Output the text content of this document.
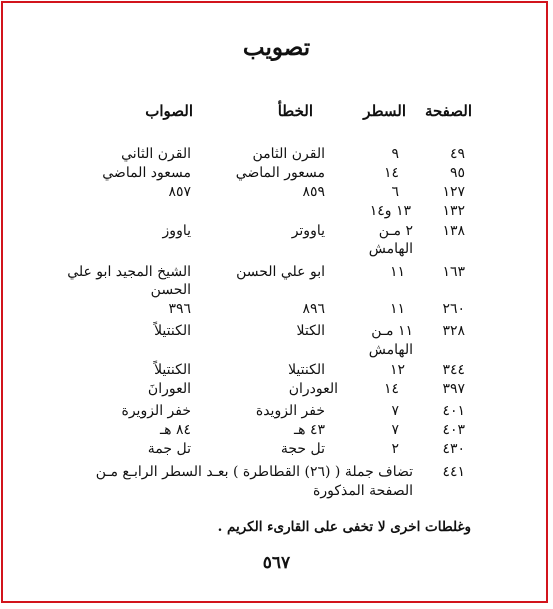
تصويب
الصفحة
السطر
الخطأ
الصواب
٤٩
٩
القرن الثامن
القرن الثاني
٩٥
١٤
مسعور الماضي
مسعود الماضي
١٢٧
٦
٨٥٩
٨٥٧
١٣٢
١٣ و١٤
١٣٨
٢ مـن
الهامش
ياووتر
ياووز
١٦٣
١١
ابو علي الحسن
الشيخ المجيد ابو علي
الحسن
٢٦٠
١١
٨٩٦
٣٩٦
٣٢٨
١١ مـن
الهامش
الكتلا
الكنتيلاً
٣٤٤
١٢
الكنتيلا
الكنتيلاً
٣٩٧
١٤
العودران
العورانَ
٤٠١
٧
خفر الزويدة
خفر الزويرة
٤٠٣
٧
٤٣ هـ
٨٤ هـ
٤٣٠
٢
تل حجة
تل جمة
٤٤١
تضاف جملة ( (٢٦) القطاطرة ) بعـد السطر الرابـع مـن
الصفحة المذكورة
وغلطات اخرى لا تخفى على القارىء الكريم .
٥٦٧
